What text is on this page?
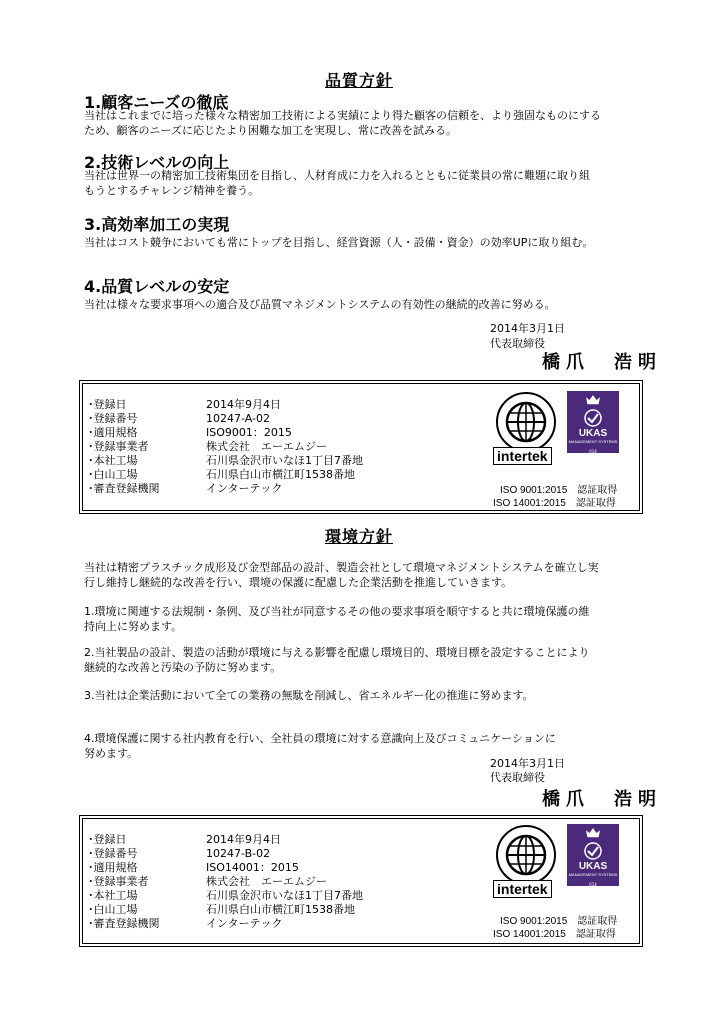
品質方針
1.顧客ニーズの徹底
当社はこれまでに培った様々な精密加工技術による実績により得た顧客の信頼を、より強固なものにする
ため、顧客のニーズに応じたより困難な加工を実現し、常に改善を試みる。
2.技術レベルの向上
当社は世界一の精密加工技術集団を目指し、人材育成に力を入れるとともに従業員の常に難題に取り組
もうとするチャレンジ精神を養う。
3.高効率加工の実現
当社はコスト競争においても常にトップを目指し、経営資源（人・設備・資金）の効率UPに取り組む。
4.品質レベルの安定
当社は様々な要求事項への適合及び品質マネジメントシステムの有効性の継続的改善に努める。
2014年3月1日
代表取締役
橋爪　浩明
･登録日	2014年9月4日
･登録番号	10247-A-02
･適用規格	ISO9001：2015
･登録事業者	株式会社　エーエムジー
･本社工場	石川県金沢市いなほ1丁目7番地
･白山工場	石川県白山市横江町1538番地
･審査登録機関	インターテック
UKAS
MANAGEMENT SYSTEMS
014
intertek
ISO 9001:2015　認証取得
ISO 14001:2015　認証取得
環境方針
当社は精密プラスチック成形及び金型部品の設計、製造会社として環境マネジメントシステムを確立し実
行し維持し継続的な改善を行い、環境の保護に配慮した企業活動を推進していきます。
1.環境に関連する法規制・条例、及び当社が同意するその他の要求事項を順守すると共に環境保護の維
持向上に努めます。
2.当社製品の設計、製造の活動が環境に与える影響を配慮し環境目的、環境目標を設定することにより
継続的な改善と汚染の予防に努めます。
3.当社は企業活動において全ての業務の無駄を削減し、省エネルギー化の推進に努めます。
4.環境保護に関する社内教育を行い、全社員の環境に対する意識向上及びコミュニケーションに
努めます。
2014年3月1日
代表取締役
橋爪　浩明
･登録日	2014年9月4日
･登録番号	10247-B-02
･適用規格	ISO14001：2015
･登録事業者	株式会社　エーエムジー
･本社工場	石川県金沢市いなほ1丁目7番地
･白山工場	石川県白山市横江町1538番地
･審査登録機関	インターテック
UKAS
MANAGEMENT SYSTEMS
014
intertek
ISO 9001:2015　認証取得
ISO 14001:2015　認証取得
